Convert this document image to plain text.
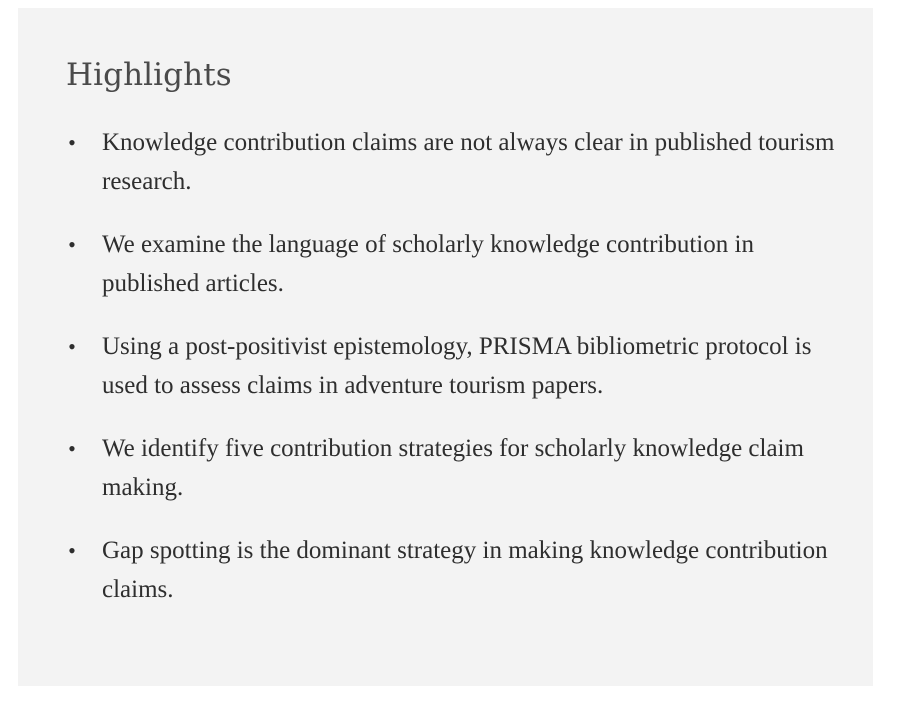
Highlights
• Knowledge contribution claims are not always clear in published tourism research.
• We examine the language of scholarly knowledge contribution in published articles.
• Using a post-positivist epistemology, PRISMA bibliometric protocol is used to assess claims in adventure tourism papers.
• We identify five contribution strategies for scholarly knowledge claim making.
• Gap spotting is the dominant strategy in making knowledge contribution claims.
